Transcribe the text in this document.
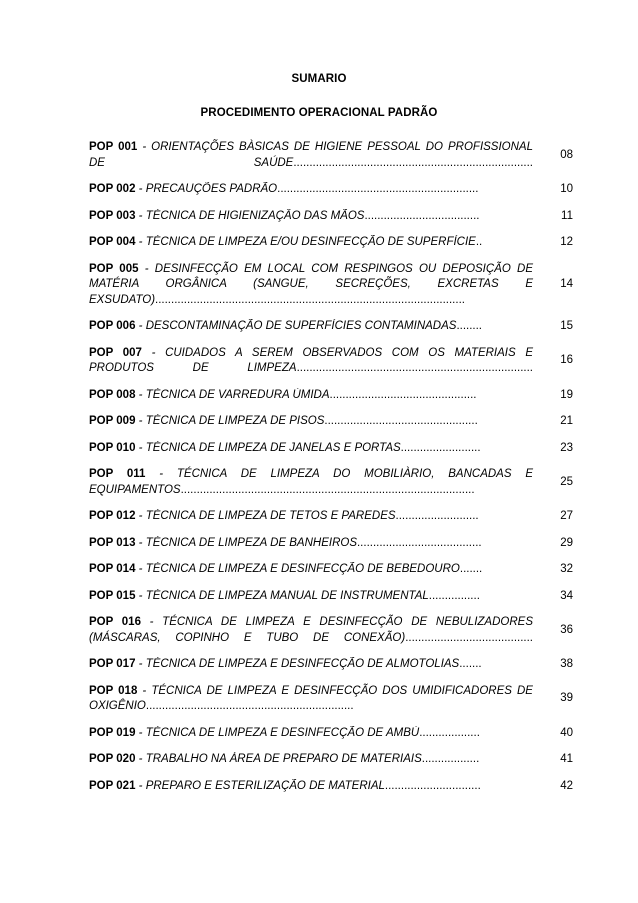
SUMARIO
PROCEDIMENTO OPERACIONAL PADRÃO
POP 001 - ORIENTAÇÕES BÀSICAS DE HIGIENE PESSOAL DO PROFISSIONAL DE SAÚDE...........................................................................
08
POP 002 - PRECAUÇÕES PADRÃO...............................................................	10
POP 003 - TÉCNICA DE HIGIENIZAÇÂO DAS MÃOS....................................	11
POP 004 - TÉCNICA DE LIMPEZA E/OU DESINFECÇÃO DE SUPERFÍCIE..	12
POP 005 - DESINFECÇÃO EM LOCAL COM RESPINGOS OU DEPOSIÇÃO DE MATÉRIA ORGÂNICA (SANGUE, SECREÇÕES, EXCRETAS E EXSUDATO).................................................................................................
14
POP 006 - DESCONTAMINAÇÃO DE SUPERFÍCIES CONTAMINADAS........	15
POP 007 - CUIDADOS A SEREM OBSERVADOS COM OS MATERIAIS E PRODUTOS DE LIMPEZA..........................................................................
16
POP 008 - TÉCNICA DE VARREDURA ÚMIDA..............................................	19
POP 009 - TÉCNICA DE LIMPEZA DE PISOS................................................	21
POP 010 - TÉCNICA DE LIMPEZA DE JANELAS E PORTAS.........................	23
POP 011 - TÉCNICA DE LIMPEZA DO MOBILIÀRIO, BANCADAS E EQUIPAMENTOS............................................................................................
25
POP 012 - TÉCNICA DE LIMPEZA DE TETOS E PAREDES..........................	27
POP 013 - TÉCNICA DE LIMPEZA DE BANHEIROS.......................................	29
POP 014 - TÉCNICA DE LIMPEZA E DESINFECÇÃO DE BEBEDOURO.......	32
POP 015 - TÉCNICA DE LIMPEZA MANUAL DE INSTRUMENTAL................	34
POP 016 - TÉCNICA DE LIMPEZA E DESINFECÇÃO DE NEBULIZADORES (MÁSCARAS, COPINHO E TUBO DE CONEXÃO)........................................
36
POP 017 - TÉCNICA DE LIMPEZA E DESINFECÇÃO DE ALMOTOLIAS.......	38
POP 018 - TÉCNICA DE LIMPEZA E DESINFECÇÃO DOS UMIDIFICADORES DE OXIGÊNIO.................................................................
39
POP 019 - TÉCNICA DE LIMPEZA E DESINFECÇÃO DE AMBÚ...................	40
POP 020 - TRABALHO NA ÁREA DE PREPARO DE MATERIAIS..................	41
POP 021 - PREPARO E ESTERILIZAÇÃO DE MATERIAL..............................	42
